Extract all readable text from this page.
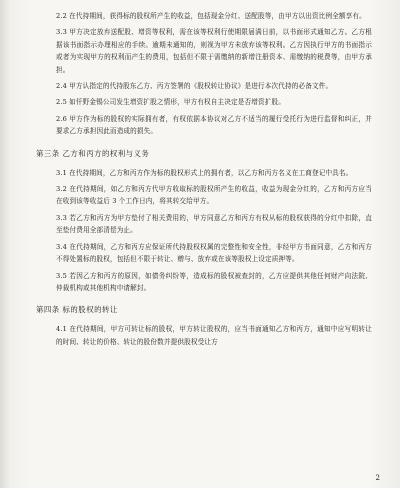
2.2 在代持期间，获得标的股权所产生的收益，包括现金分红、送配股等，由甲方以出资比例全额享有。

3.3 甲方决定放弃送配股、增资等权利，需在该等权利行使期限届满日前，以书面形式通知乙方。乙方根据该书面指示办理相应的手续。逾期未通知的，则视为甲方未放弃该等权利。乙方因执行甲方的书面指示或者为实现甲方的权利而产生的费用，包括但不限于需缴纳的新增注册资本、需缴纳的税费等，由甲方承担。

2.4 甲方认指定的代持股东乙方、丙方签署的《股权转让协议》是进行本次代持的必备文件。

2.5 如仟野金锡公司发生增资扩股之情形，甲方有权自主决定是否增资扩股。

2.6 甲方作为标的股权的实际拥有者，有权依据本协议对乙方不适当的履行受托行为进行监督和纠正，并要求乙方承担因此而造成的损失。

第三条 乙方和丙方的权利与义务

3.1 在代持期间，乙方和丙方作为标的股权形式上的拥有者，以乙方和丙方名义在工商登记中具名。

3.2 在代持期间，如乙方和丙方代甲方收取标的股权所产生的收益，收益为现金分红的，乙方和丙方应当在收到该等收益后 3 个工作日内，将其转交给甲方。

3.3 若乙方和丙方为甲方垫付了相关费用的，甲方同意乙方和丙方有权从标的股权获得的分红中扣除，直至垫付费用全部清偿为止。

3.4 在代持期间，乙方和丙方应保证所代持股权权属的完整性和安全性，非经甲方书面同意，乙方和丙方不得处置标的股权，包括但不限于转让、赠与、放弃或在该等股权上设定质押等。

3.5 若因乙方和丙方的原因，如债务纠纷等，造成标的股权被查封的，乙方应提供其他任何财产向法院、仲裁机构或其他机构申请解封。

第四条 标的股权的转让

4.1 在代持期间，甲方可转让标的股权，甲方转让股权的，应当书面通知乙方和丙方，通知中应写明转让的时间、转让的价格、转让的股份数并提供股权受让方

2
